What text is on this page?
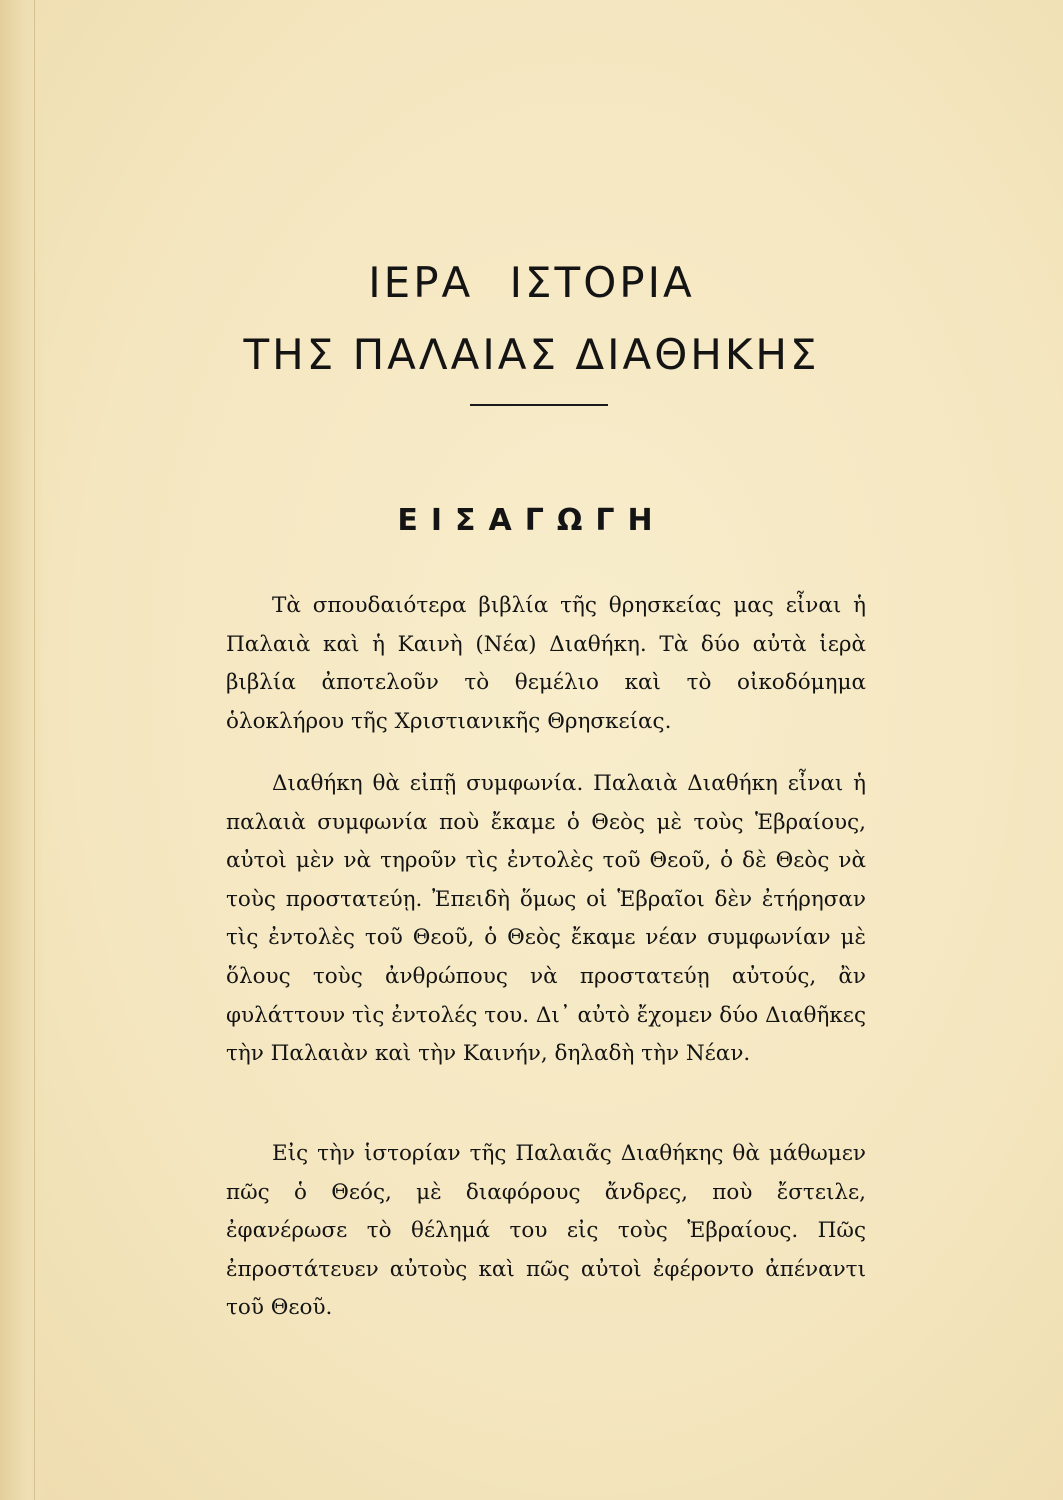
ΙΕΡΑ ΙΣΤΟΡΙΑ
ΤΗΣ ΠΑΛΑΙΑΣ ΔΙΑΘΗΚΗΣ
ΕΙΣΑΓΩΓΗ

Τὰ σπουδαιότερα βιβλία τῆς θρησκείας μας εἶναι ἡ Παλαιὰ καὶ ἡ Καινὴ (Νέα) Διαθήκη. Τὰ δύο αὐτὰ ἱερὰ βιβλία ἀποτελοῦν τὸ θεμέλιο καὶ τὸ οἰκοδόμημα ὁλοκλήρου τῆς Χριστιανικῆς Θρησκείας.

Διαθήκη θὰ εἰπῇ συμφωνία. Παλαιὰ Διαθήκη εἶναι ἡ παλαιὰ συμφωνία ποὺ ἔκαμε ὁ Θεὸς μὲ τοὺς Ἑβραίους, αὐτοὶ μὲν νὰ τηροῦν τὶς ἐντολὲς τοῦ Θεοῦ, ὁ δὲ Θεὸς νὰ τοὺς προστατεύῃ. Ἐπειδὴ ὅμως οἱ Ἑβραῖοι δὲν ἐτήρησαν τὶς ἐντολὲς τοῦ Θεοῦ, ὁ Θεὸς ἔκαμε νέαν συμφωνίαν μὲ ὅλους τοὺς ἀνθρώπους νὰ προστατεύῃ αὐτούς, ἂν φυλάττουν τὶς ἐντολές του. Δι᾿ αὐτὸ ἔχομεν δύο Διαθῆκες τὴν Παλαιὰν καὶ τὴν Καινήν, δηλαδὴ τὴν Νέαν.

Εἰς τὴν ἱστορίαν τῆς Παλαιᾶς Διαθήκης θὰ μάθωμεν πῶς ὁ Θεός, μὲ διαφόρους ἄνδρες, ποὺ ἔστειλε, ἐφανέρωσε τὸ θέλημά του εἰς τοὺς Ἑβραίους. Πῶς ἐπροστάτευεν αὐτοὺς καὶ πῶς αὐτοὶ ἐφέροντο ἀπέναντι τοῦ Θεοῦ.
